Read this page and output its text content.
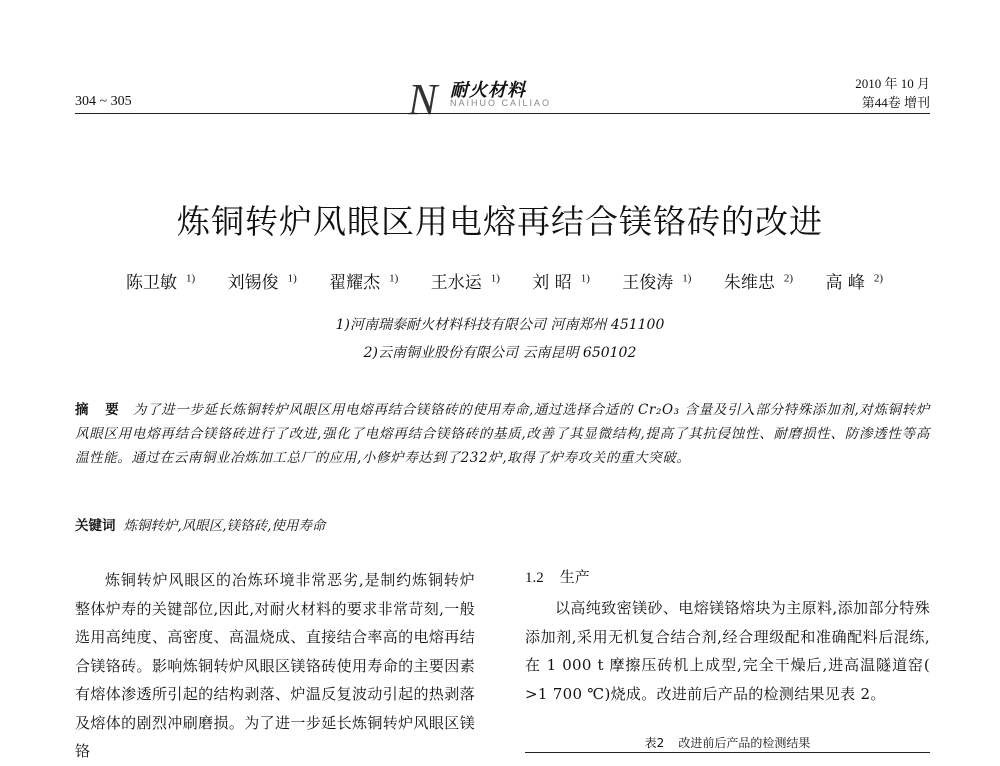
304 ~ 305	N 耐火材料
NAIHUO CAILIAO
2010 年 10 月
第44卷 增刊
炼铜转炉风眼区用电熔再结合镁铬砖的改进
陈卫敏 $^{1)}$ 刘锡俊 $^{1)}$ 翟耀杰 $^{1)}$ 王水运 $^{1)}$ 刘 昭 $^{1)}$ 王俊涛 $^{1)}$ 朱维忠 $^{2)}$ 高 峰 $^{2)}$
1)河南瑞泰耐火材料科技有限公司 河南郑州 451100
2)云南铜业股份有限公司 云南昆明 650102
摘 要 为了进一步延长炼铜转炉风眼区用电熔再结合镁铬砖的使用寿命,通过选择合适的 Cr₂O₃ 含量及引入部分特殊添加剂,对炼铜转炉风眼区用电熔再结合镁铬砖进行了改进,强化了电熔再结合镁铬砖的基质,改善了其显微结构,提高了其抗侵蚀性、耐磨损性、防渗透性等高温性能。通过在云南铜业冶炼加工总厂的应用,小修炉寿达到了232炉,取得了炉寿攻关的重大突破。
关键词 炼铜转炉,风眼区,镁铬砖,使用寿命
炼铜转炉风眼区的冶炼环境非常恶劣,是制约炼铜转炉整体炉寿的关键部位,因此,对耐火材料的要求非常苛刻,一般选用高纯度、高密度、高温烧成、直接结合率高的电熔再结合镁铬砖。影响炼铜转炉风眼区镁铬砖使用寿命的主要因素有熔体渗透所引起的结构剥落、炉温反复波动引起的热剥落及熔体的剧烈冲刷磨损。为了进一步延长炼铜转炉风眼区镁铬
1.2 生产
以高纯致密镁砂、电熔镁铬熔块为主原料,添加部分特殊添加剂,采用无机复合结合剂,经合理级配和准确配料后混练,在 1 000 t 摩擦压砖机上成型,完全干燥后,进高温隧道窑( >1 700 ℃)烧成。改进前后产品的检测结果见表 2。
表2 改进前后产品的检测结果
